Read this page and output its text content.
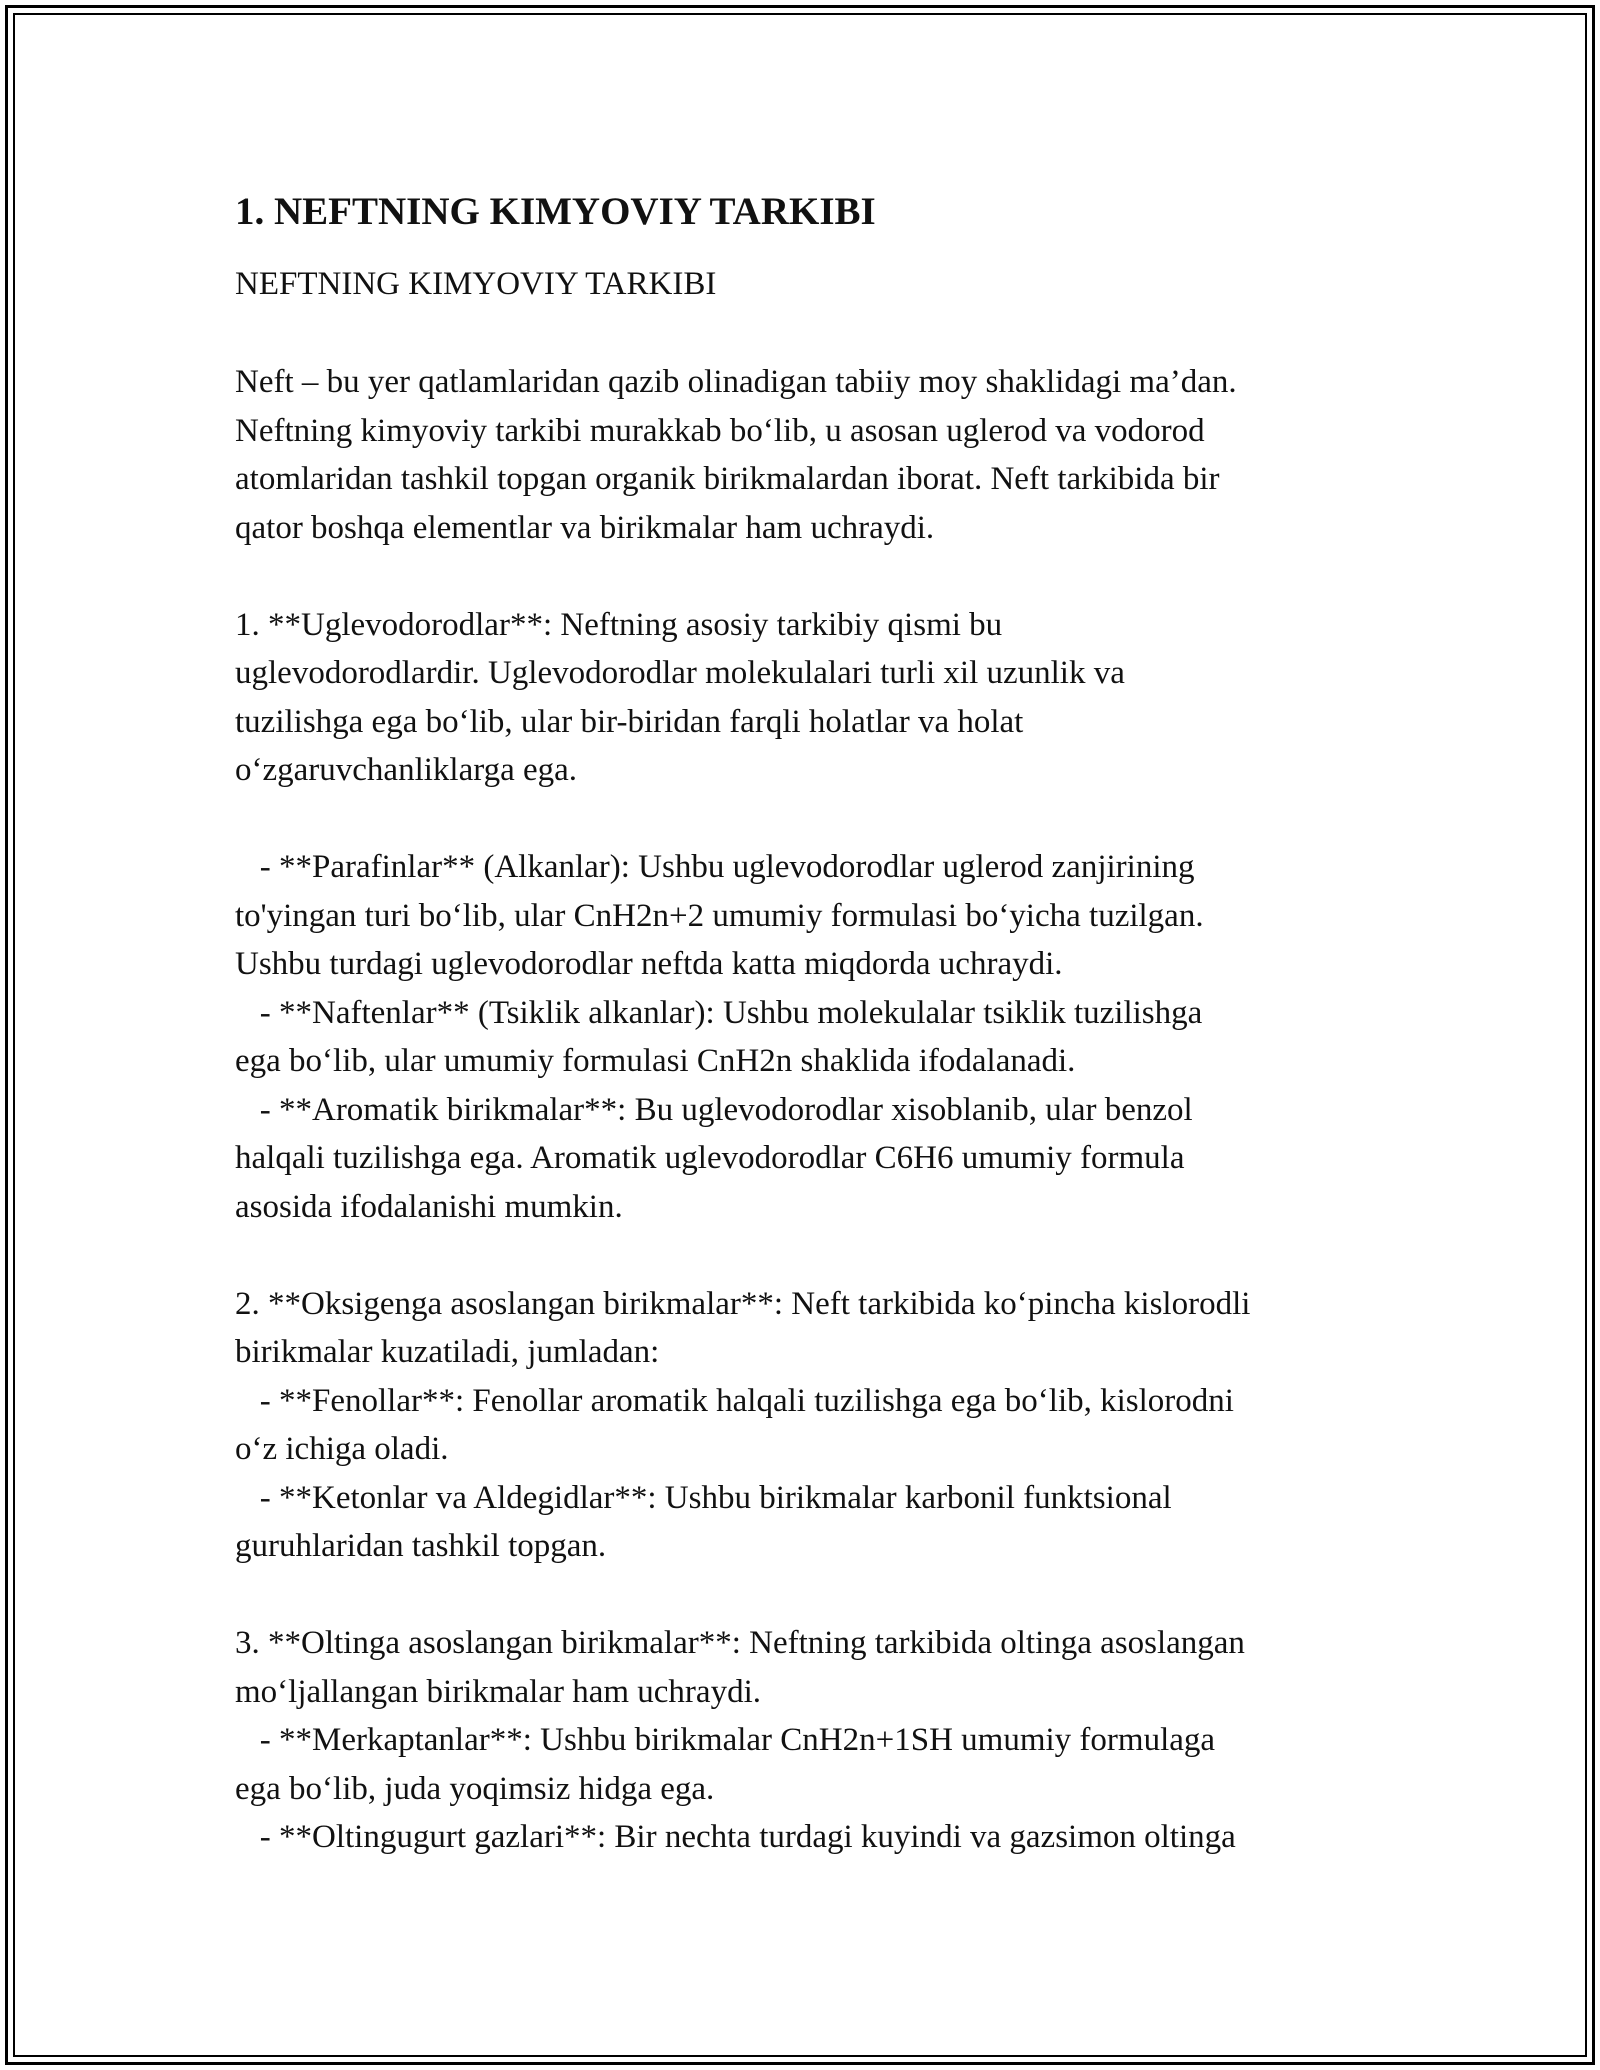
1. NEFTNING KIMYOVIY TARKIBI
NEFTNING KIMYOVIY TARKIBI
Neft – bu yer qatlamlaridan qazib olinadigan tabiiy moy shaklidagi ma’dan.
Neftning kimyoviy tarkibi murakkab bo‘lib, u asosan uglerod va vodorod
atomlaridan tashkil topgan organik birikmalardan iborat. Neft tarkibida bir
qator boshqa elementlar va birikmalar ham uchraydi.
1. **Uglevodorodlar**: Neftning asosiy tarkibiy qismi bu
uglevodorodlardir. Uglevodorodlar molekulalari turli xil uzunlik va
tuzilishga ega bo‘lib, ular bir-biridan farqli holatlar va holat
o‘zgaruvchanliklarga ega.
- **Parafinlar** (Alkanlar): Ushbu uglevodorodlar uglerod zanjirining
to'yingan turi bo‘lib, ular CnH2n+2 umumiy formulasi bo‘yicha tuzilgan.
Ushbu turdagi uglevodorodlar neftda katta miqdorda uchraydi.
- **Naftenlar** (Tsiklik alkanlar): Ushbu molekulalar tsiklik tuzilishga
ega bo‘lib, ular umumiy formulasi CnH2n shaklida ifodalanadi.
- **Aromatik birikmalar**: Bu uglevodorodlar xisoblanib, ular benzol
halqali tuzilishga ega. Aromatik uglevodorodlar C6H6 umumiy formula
asosida ifodalanishi mumkin.
2. **Oksigenga asoslangan birikmalar**: Neft tarkibida ko‘pincha kislorodli
birikmalar kuzatiladi, jumladan:
- **Fenollar**: Fenollar aromatik halqali tuzilishga ega bo‘lib, kislorodni
o‘z ichiga oladi.
- **Ketonlar va Aldegidlar**: Ushbu birikmalar karbonil funktsional
guruhlaridan tashkil topgan.
3. **Oltinga asoslangan birikmalar**: Neftning tarkibida oltinga asoslangan
mo‘ljallangan birikmalar ham uchraydi.
- **Merkaptanlar**: Ushbu birikmalar CnH2n+1SH umumiy formulaga
ega bo‘lib, juda yoqimsiz hidga ega.
- **Oltingugurt gazlari**: Bir nechta turdagi kuyindi va gazsimon oltinga
